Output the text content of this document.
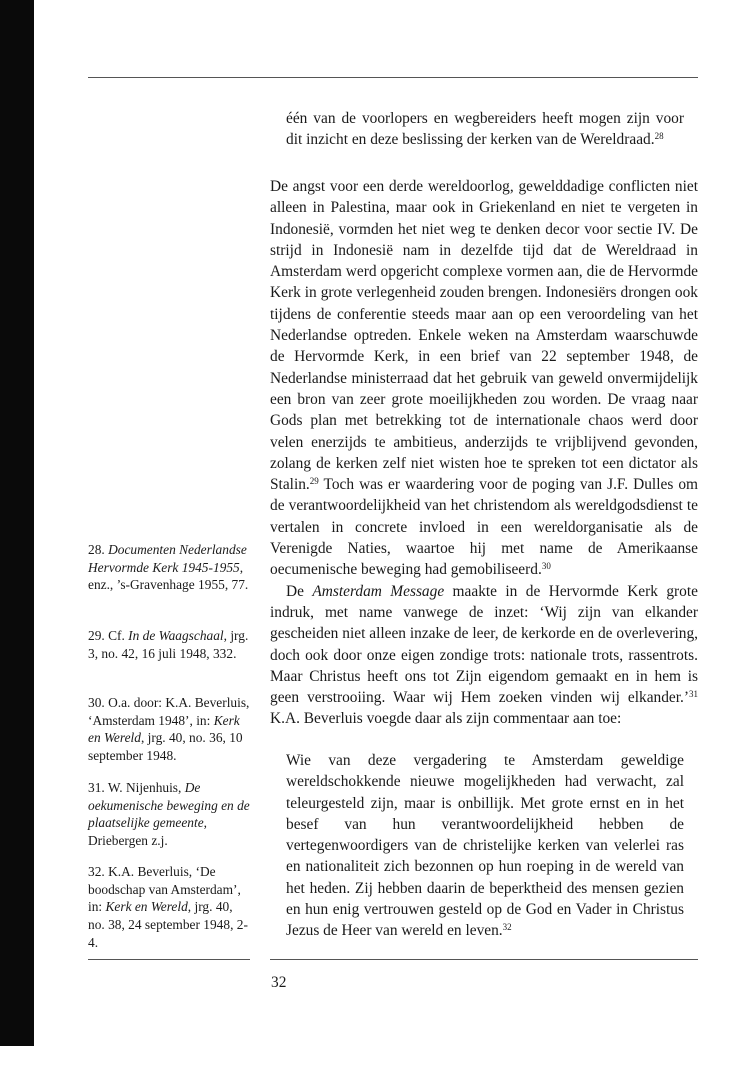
één van de voorlopers en wegbereiders heeft mogen zijn voor dit inzicht en deze beslissing der kerken van de Wereldraad.$^{28}$

De angst voor een derde wereldoorlog, gewelddadige conflicten niet alleen in Palestina, maar ook in Griekenland en niet te vergeten in Indonesië, vormden het niet weg te denken decor voor sectie IV. De strijd in Indonesië nam in dezelfde tijd dat de Wereldraad in Amsterdam werd opgericht complexe vormen aan, die de Hervormde Kerk in grote verlegenheid zouden brengen. Indonesiërs drongen ook tijdens de conferentie steeds maar aan op een veroordeling van het Nederlandse optreden. Enkele weken na Amsterdam waarschuwde de Hervormde Kerk, in een brief van 22 september 1948, de Nederlandse ministerraad dat het gebruik van geweld onvermijdelijk een bron van zeer grote moeilijkheden zou worden. De vraag naar Gods plan met betrekking tot de internationale chaos werd door velen enerzijds te ambitieus, anderzijds te vrijblijvend gevonden, zolang de kerken zelf niet wisten hoe te spreken tot een dictator als Stalin.$^{29}$ Toch was er waardering voor de poging van J.F. Dulles om de verantwoordelijkheid van het christendom als wereldgodsdienst te vertalen in concrete invloed in een wereldorganisatie als de Verenigde Naties, waartoe hij met name de Amerikaanse oecumenische beweging had gemobiliseerd.$^{30}$

De Amsterdam Message maakte in de Hervormde Kerk grote indruk, met name vanwege de inzet: ‘Wij zijn van elkander gescheiden niet alleen inzake de leer, de kerkorde en de overlevering, doch ook door onze eigen zondige trots: nationale trots, rassentrots. Maar Christus heeft ons tot Zijn eigendom gemaakt en in hem is geen verstrooiing. Waar wij Hem zoeken vinden wij elkander.’$^{31}$ K.A. Beverluis voegde daar als zijn commentaar aan toe:

Wie van deze vergadering te Amsterdam geweldige wereldschokkende nieuwe mogelijkheden had verwacht, zal teleurgesteld zijn, maar is onbillijk. Met grote ernst en in het besef van hun verantwoordelijkheid hebben de vertegenwoordigers van de christelijke kerken van velerlei ras en nationaliteit zich bezonnen op hun roeping in de wereld van het heden. Zij hebben daarin de beperktheid des mensen gezien en hun enig vertrouwen gesteld op de God en Vader in Christus Jezus de Heer van wereld en leven.$^{32}$

28. Documenten Nederlandse Hervormde Kerk 1945-1955, enz., ’s-Gravenhage 1955, 77.
29. Cf. In de Waagschaal, jrg. 3, no. 42, 16 juli 1948, 332.
30. O.a. door: K.A. Beverluis, ‘Amsterdam 1948’, in: Kerk en Wereld, jrg. 40, no. 36, 10 september 1948.
31. W. Nijenhuis, De oekumenische beweging en de plaatselijke gemeente, Driebergen z.j.
32. K.A. Beverluis, ‘De boodschap van Amsterdam’, in: Kerk en Wereld, jrg. 40, no. 38, 24 september 1948, 2-4.
32
